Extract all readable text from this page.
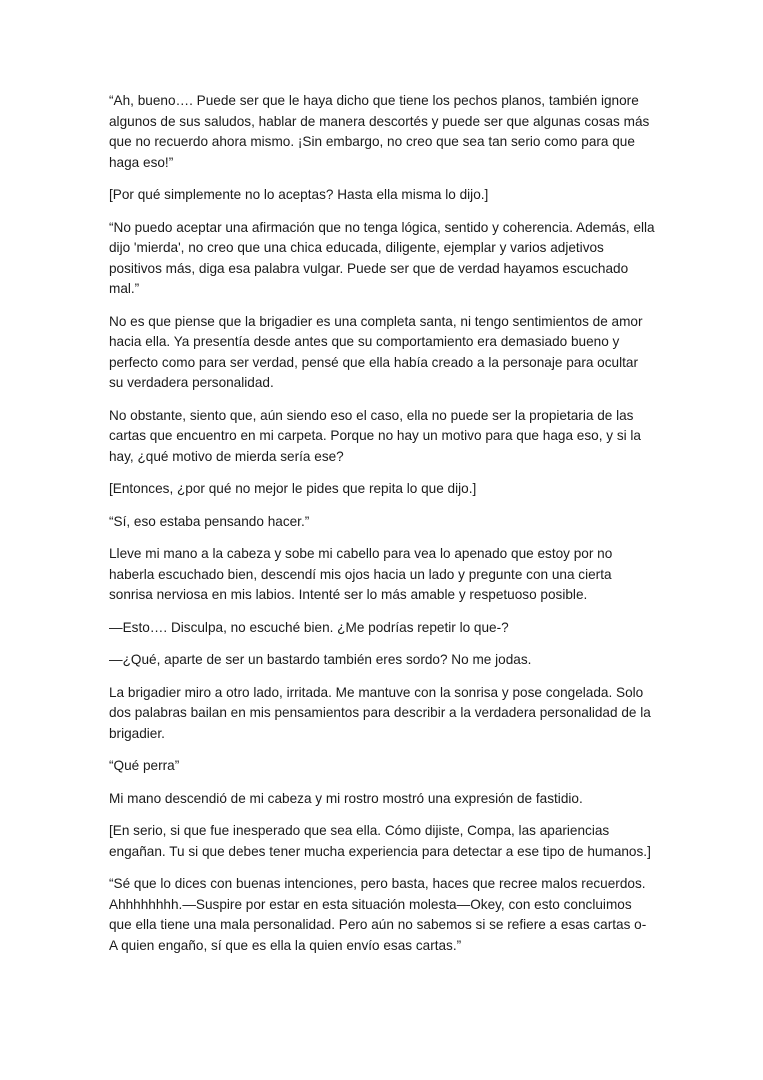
“Ah, bueno…. Puede ser que le haya dicho que tiene los pechos planos, también ignore algunos de sus saludos, hablar de manera descortés y puede ser que algunas cosas más que no recuerdo ahora mismo. ¡Sin embargo, no creo que sea tan serio como para que haga eso!”

[Por qué simplemente no lo aceptas? Hasta ella misma lo dijo.]

“No puedo aceptar una afirmación que no tenga lógica, sentido y coherencia. Además, ella dijo 'mierda', no creo que una chica educada, diligente, ejemplar y varios adjetivos positivos más, diga esa palabra vulgar. Puede ser que de verdad hayamos escuchado mal.”

No es que piense que la brigadier es una completa santa, ni tengo sentimientos de amor hacia ella. Ya presentía desde antes que su comportamiento era demasiado bueno y perfecto como para ser verdad, pensé que ella había creado a la personaje para ocultar su verdadera personalidad.

No obstante, siento que, aún siendo eso el caso, ella no puede ser la propietaria de las cartas que encuentro en mi carpeta. Porque no hay un motivo para que haga eso, y si la hay, ¿qué motivo de mierda sería ese?

[Entonces, ¿por qué no mejor le pides que repita lo que dijo.]

“Sí, eso estaba pensando hacer.”

Lleve mi mano a la cabeza y sobe mi cabello para vea lo apenado que estoy por no haberla escuchado bien, descendí mis ojos hacia un lado y pregunte con una cierta sonrisa nerviosa en mis labios. Intenté ser lo más amable y respetuoso posible.

—Esto…. Disculpa, no escuché bien. ¿Me podrías repetir lo que-?

—¿Qué, aparte de ser un bastardo también eres sordo? No me jodas.

La brigadier miro a otro lado, irritada. Me mantuve con la sonrisa y pose congelada. Solo dos palabras bailan en mis pensamientos para describir a la verdadera personalidad de la brigadier.

“Qué perra”

Mi mano descendió de mi cabeza y mi rostro mostró una expresión de fastidio.

[En serio, si que fue inesperado que sea ella. Cómo dijiste, Compa, las apariencias engañan. Tu si que debes tener mucha experiencia para detectar a ese tipo de humanos.]

“Sé que lo dices con buenas intenciones, pero basta, haces que recree malos recuerdos. Ahhhhhhhh.—Suspire por estar en esta situación molesta—Okey, con esto concluimos que ella tiene una mala personalidad. Pero aún no sabemos si se refiere a esas cartas o- A quien engaño, sí que es ella la quien envío esas cartas.”
